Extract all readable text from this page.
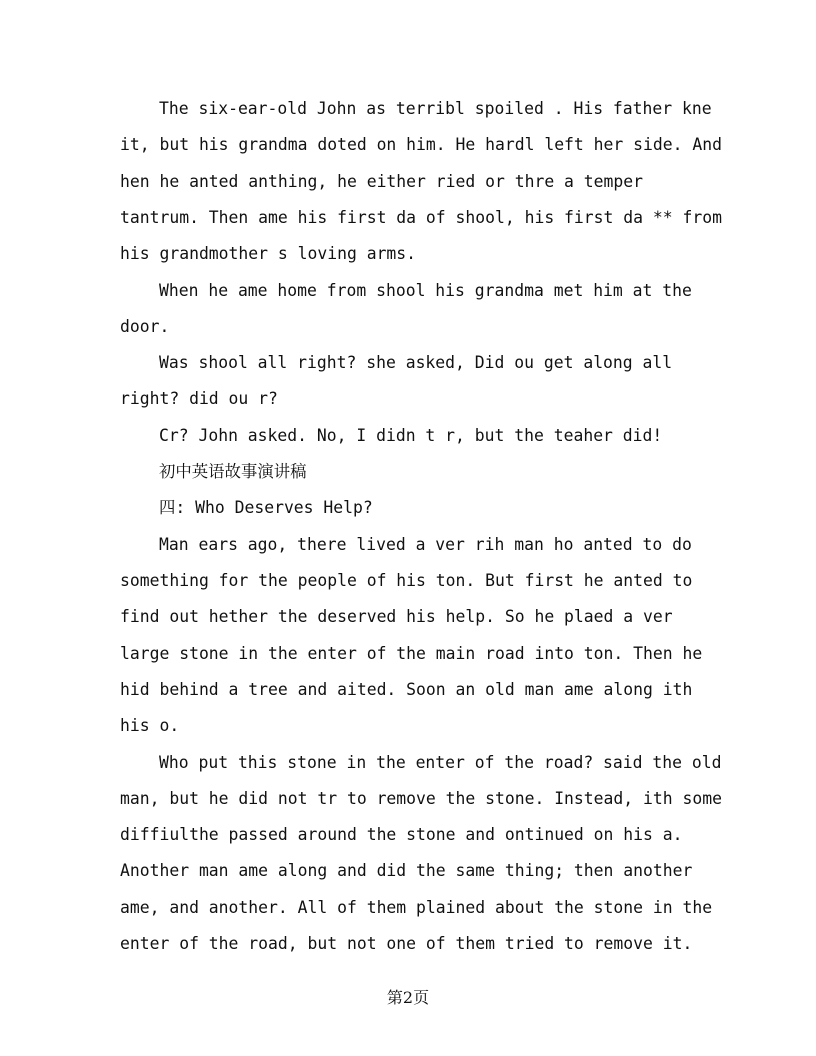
The six-ear-old John as terribl spoiled . His father kne
it, but his grandma doted on him. He hardl left her side. And
hen he anted anthing, he either ried or thre a temper
tantrum. Then ame his first da of shool, his first da ** from
his grandmother s loving arms.
When he ame home from shool his grandma met him at the
door.
Was shool all right? she asked, Did ou get along all
right? did ou r?
Cr? John asked. No, I didn t r, but the teaher did!
初中英语故事演讲稿
四: Who Deserves Help?
Man ears ago, there lived a ver rih man ho anted to do
something for the people of his ton. But first he anted to
find out hether the deserved his help. So he plaed a ver
large stone in the enter of the main road into ton. Then he
hid behind a tree and aited. Soon an old man ame along ith
his o.
Who put this stone in the enter of the road? said the old
man, but he did not tr to remove the stone. Instead, ith some
diffiulthe passed around the stone and ontinued on his a.
Another man ame along and did the same thing; then another
ame, and another. All of them plained about the stone in the
enter of the road, but not one of them tried to remove it.
第2页
